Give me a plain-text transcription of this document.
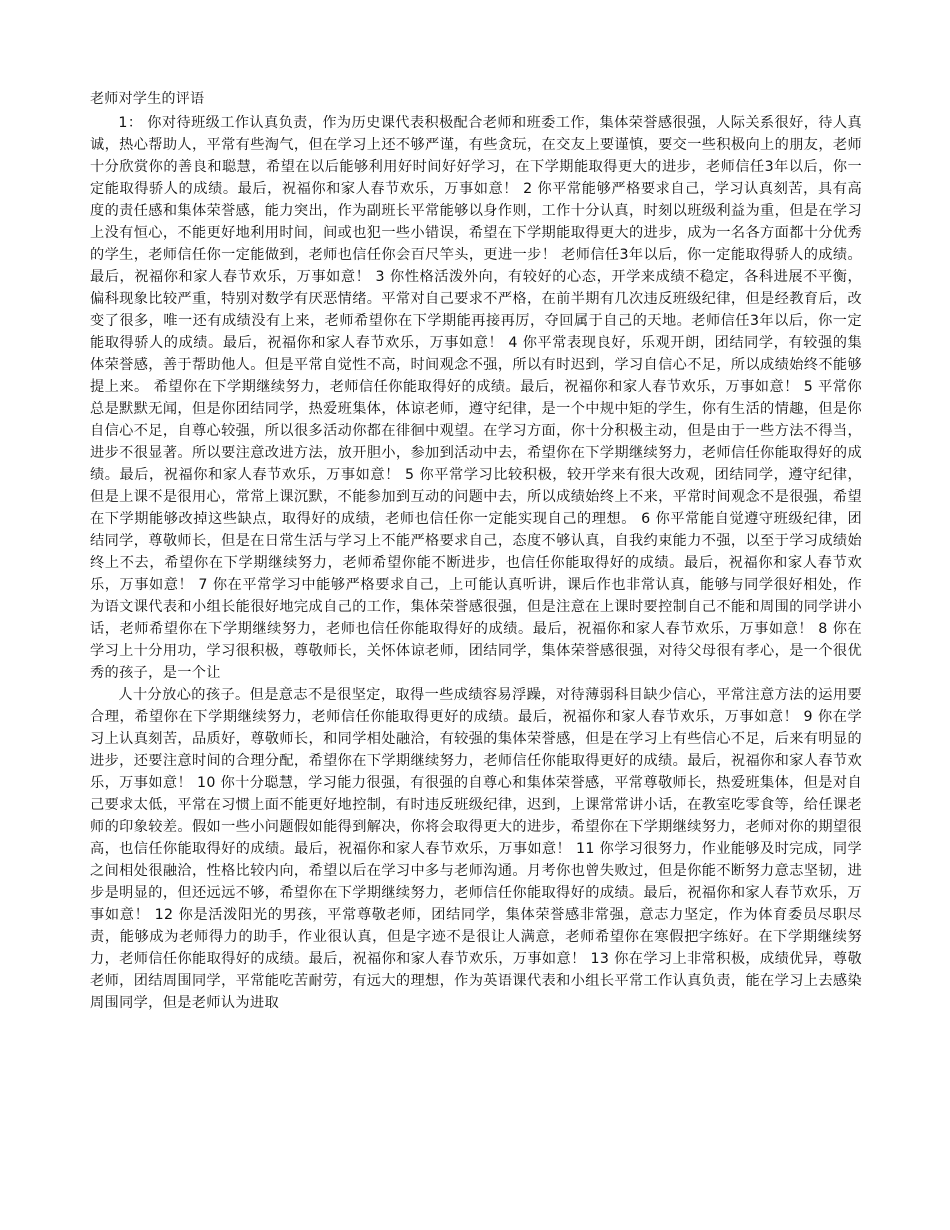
老师对学生的评语

1： 你对待班级工作认真负责，作为历史课代表积极配合老师和班委工作，集体荣誉感很强，人际关系很好，待人真诚，热心帮助人，平常有些淘气，但在学习上还不够严谨，有些贪玩，在交友上要谨慎，要交一些积极向上的朋友，老师十分欣赏你的善良和聪慧，希望在以后能够利用好时间好好学习，在下学期能取得更大的进步，老师信任3年以后，你一定能取得骄人的成绩。最后，祝福你和家人春节欢乐，万事如意！ 2 你平常能够严格要求自己，学习认真刻苦，具有高度的责任感和集体荣誉感，能力突出，作为副班长平常能够以身作则，工作十分认真，时刻以班级利益为重，但是在学习上没有恒心，不能更好地利用时间，间或也犯一些小错误，希望在下学期能取得更大的进步，成为一名各方面都十分优秀的学生，老师信任你一定能做到，老师也信任你会百尺竿头，更进一步！ 老师信任3年以后，你一定能取得骄人的成绩。最后，祝福你和家人春节欢乐，万事如意！ 3 你性格活泼外向，有较好的心态，开学来成绩不稳定，各科进展不平衡，偏科现象比较严重，特别对数学有厌恶情绪。平常对自己要求不严格，在前半期有几次违反班级纪律，但是经教育后，改变了很多，唯一还有成绩没有上来，老师希望你在下学期能再接再厉，夺回属于自己的天地。老师信任3年以后，你一定能取得骄人的成绩。最后，祝福你和家人春节欢乐，万事如意！ 4 你平常表现良好，乐观开朗，团结同学，有较强的集体荣誉感，善于帮助他人。但是平常自觉性不高，时间观念不强，所以有时迟到，学习自信心不足，所以成绩始终不能够提上来。 希望你在下学期继续努力，老师信任你能取得好的成绩。最后，祝福你和家人春节欢乐，万事如意！ 5 平常你总是默默无闻，但是你团结同学，热爱班集体，体谅老师，遵守纪律，是一个中规中矩的学生，你有生活的情趣，但是你自信心不足，自尊心较强，所以很多活动你都在徘徊中观望。在学习方面，你十分积极主动，但是由于一些方法不得当，进步不很显著。所以要注意改进方法，放开胆小，参加到活动中去，希望你在下学期继续努力，老师信任你能取得好的成绩。最后，祝福你和家人春节欢乐，万事如意！ 5 你平常学习比较积极，较开学来有很大改观，团结同学，遵守纪律，但是上课不是很用心，常常上课沉默，不能参加到互动的问题中去，所以成绩始终上不来，平常时间观念不是很强，希望在下学期能够改掉这些缺点，取得好的成绩，老师也信任你一定能实现自己的理想。 6 你平常能自觉遵守班级纪律，团结同学，尊敬师长，但是在日常生活与学习上不能严格要求自己，态度不够认真，自我约束能力不强，以至于学习成绩始终上不去，希望你在下学期继续努力，老师希望你能不断进步，也信任你能取得好的成绩。最后，祝福你和家人春节欢乐，万事如意！ 7 你在平常学习中能够严格要求自己，上可能认真听讲，课后作也非常认真，能够与同学很好相处，作为语文课代表和小组长能很好地完成自己的工作，集体荣誉感很强，但是注意在上课时要控制自己不能和周围的同学讲小话，老师希望你在下学期继续努力，老师也信任你能取得好的成绩。最后，祝福你和家人春节欢乐，万事如意！ 8 你在学习上十分用功，学习很积极，尊敬师长，关怀体谅老师，团结同学，集体荣誉感很强，对待父母很有孝心，是一个很优秀的孩子，是一个让

人十分放心的孩子。但是意志不是很坚定，取得一些成绩容易浮躁，对待薄弱科目缺少信心，平常注意方法的运用要合理，希望你在下学期继续努力，老师信任你能取得更好的成绩。最后，祝福你和家人春节欢乐，万事如意！ 9 你在学习上认真刻苦，品质好，尊敬师长，和同学相处融洽，有较强的集体荣誉感，但是在学习上有些信心不足，后来有明显的进步，还要注意时间的合理分配，希望你在下学期继续努力，老师信任你能取得更好的成绩。最后，祝福你和家人春节欢乐，万事如意！ 10 你十分聪慧，学习能力很强，有很强的自尊心和集体荣誉感，平常尊敬师长，热爱班集体，但是对自己要求太低，平常在习惯上面不能更好地控制，有时违反班级纪律，迟到，上课常常讲小话，在教室吃零食等，给任课老师的印象较差。假如一些小问题假如能得到解决，你将会取得更大的进步，希望你在下学期继续努力，老师对你的期望很高，也信任你能取得好的成绩。最后，祝福你和家人春节欢乐，万事如意！ 11 你学习很努力，作业能够及时完成，同学之间相处很融洽，性格比较内向，希望以后在学习中多与老师沟通。月考你也曾失败过，但是你能不断努力意志坚韧，进步是明显的，但还远远不够，希望你在下学期继续努力，老师信任你能取得好的成绩。最后，祝福你和家人春节欢乐，万事如意！ 12 你是活泼阳光的男孩，平常尊敬老师，团结同学，集体荣誉感非常强，意志力坚定，作为体育委员尽职尽责，能够成为老师得力的助手，作业很认真，但是字迹不是很让人满意，老师希望你在寒假把字练好。在下学期继续努力，老师信任你能取得好的成绩。最后，祝福你和家人春节欢乐，万事如意！ 13 你在学习上非常积极，成绩优异，尊敬老师，团结周围同学，平常能吃苦耐劳，有远大的理想，作为英语课代表和小组长平常工作认真负责，能在学习上去感染周围同学，但是老师认为进取
